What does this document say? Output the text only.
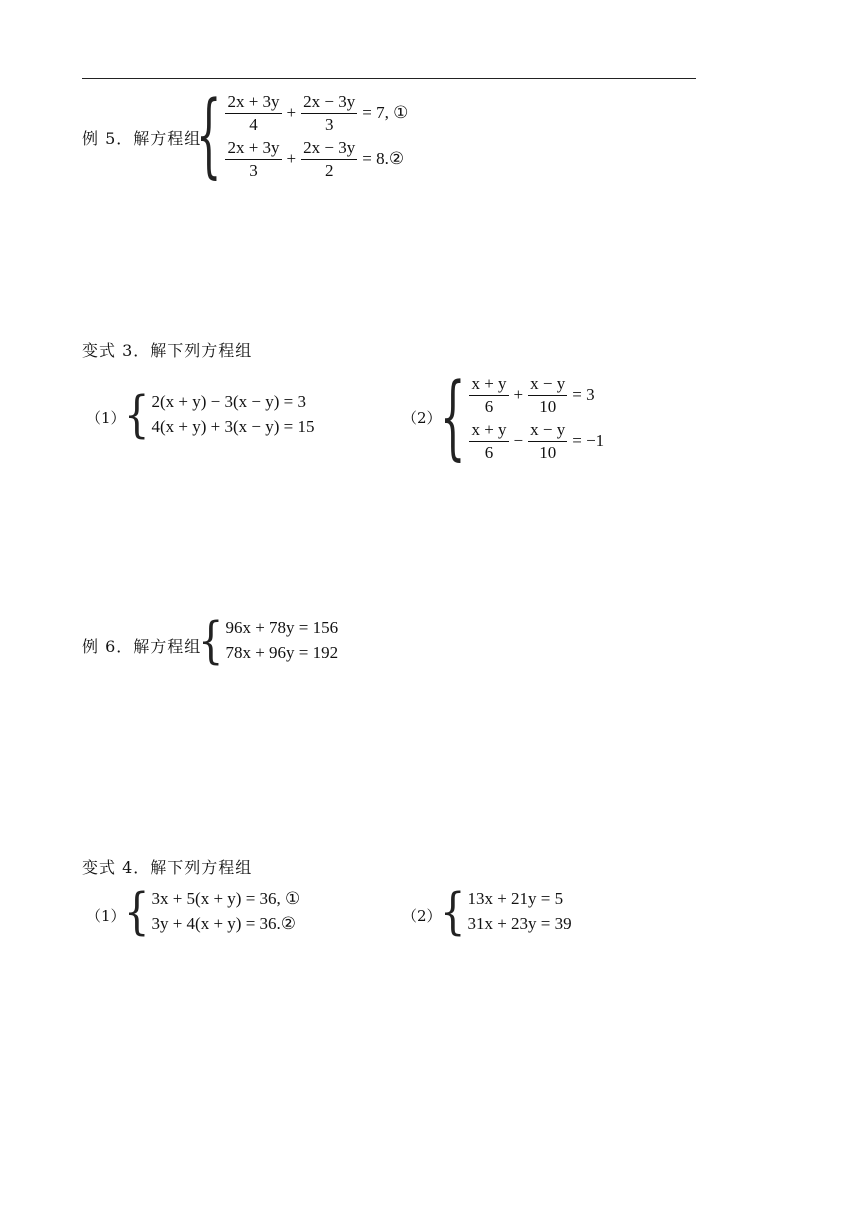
例 5．解方程组
{ $\frac{2x + 3y}{4} + \frac{2x - 3y}{3} = 7$, ①
$\frac{2x + 3y}{3} + \frac{2x - 3y}{2}$ = 8.②
变式 3．解下列方程组
（1）
{ 2(x + y) − 3(x − y) = 3
4(x + y) + 3(x − y) = 15	（2）
{ $\frac{x + y}{6} + \frac{x - y}{10} = 3$
$\frac{x + y}{6} - \frac{x - y}{10} = -1$
例 6．解方程组
{ 96x + 78y = 156
78x + 96y = 192
变式 4．解下列方程组
（1）
{ 3x + 5(x + y) = 36, ①
3y + 4(x + y) = 36.②	（2）
{ 13x + 21y = 5
31x + 23y = 39
